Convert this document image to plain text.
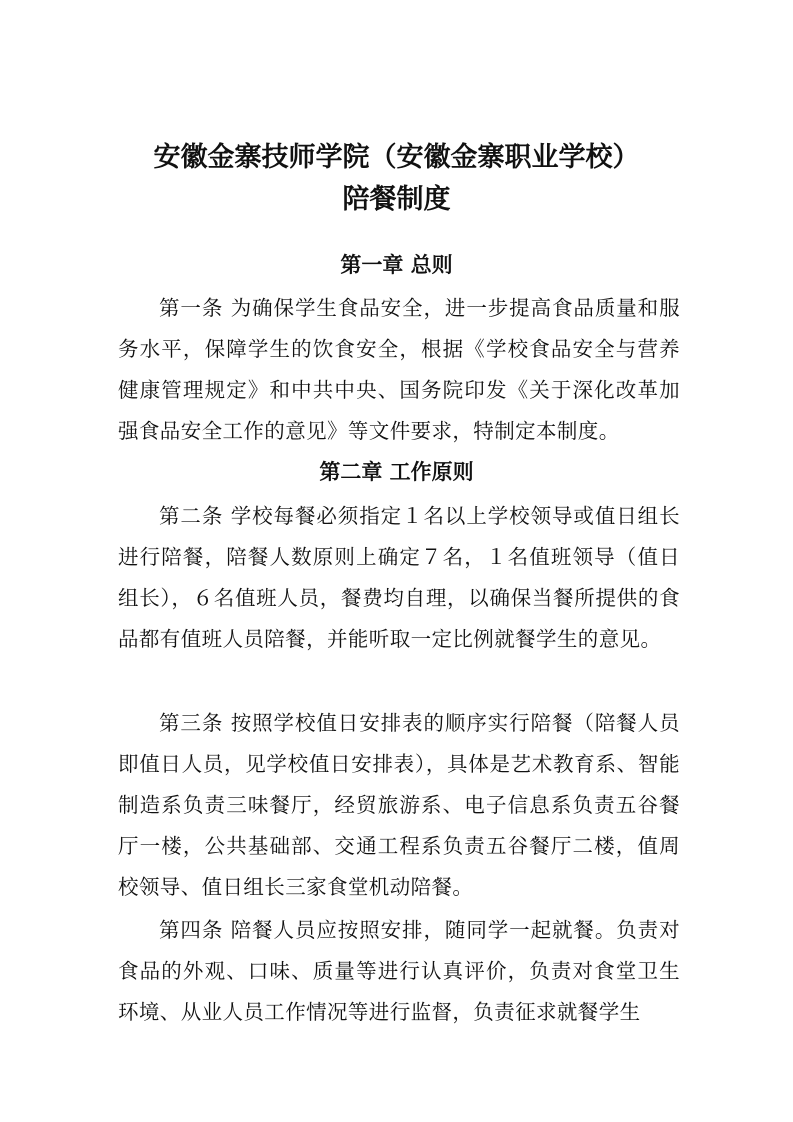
安徽金寨技师学院（安徽金寨职业学校）
陪餐制度
第一章 总则

第一条 为确保学生食品安全，进一步提高食品质量和服务水平，保障学生的饮食安全，根据《学校食品安全与营养健康管理规定》和中共中央、国务院印发《关于深化改革加强食品安全工作的意见》等文件要求，特制定本制度。

第二章 工作原则

第二条 学校每餐必须指定１名以上学校领导或值日组长进行陪餐，陪餐人数原则上确定７名，１名值班领导（值日组长），６名值班人员，餐费均自理，以确保当餐所提供的食品都有值班人员陪餐，并能听取一定比例就餐学生的意见。

第三条 按照学校值日安排表的顺序实行陪餐（陪餐人员即值日人员，见学校值日安排表），具体是艺术教育系、智能制造系负责三味餐厅，经贸旅游系、电子信息系负责五谷餐厅一楼，公共基础部、交通工程系负责五谷餐厅二楼，值周校领导、值日组长三家食堂机动陪餐。

第四条 陪餐人员应按照安排，随同学一起就餐。负责对食品的外观、口味、质量等进行认真评价，负责对食堂卫生环境、从业人员工作情况等进行监督，负责征求就餐学生
